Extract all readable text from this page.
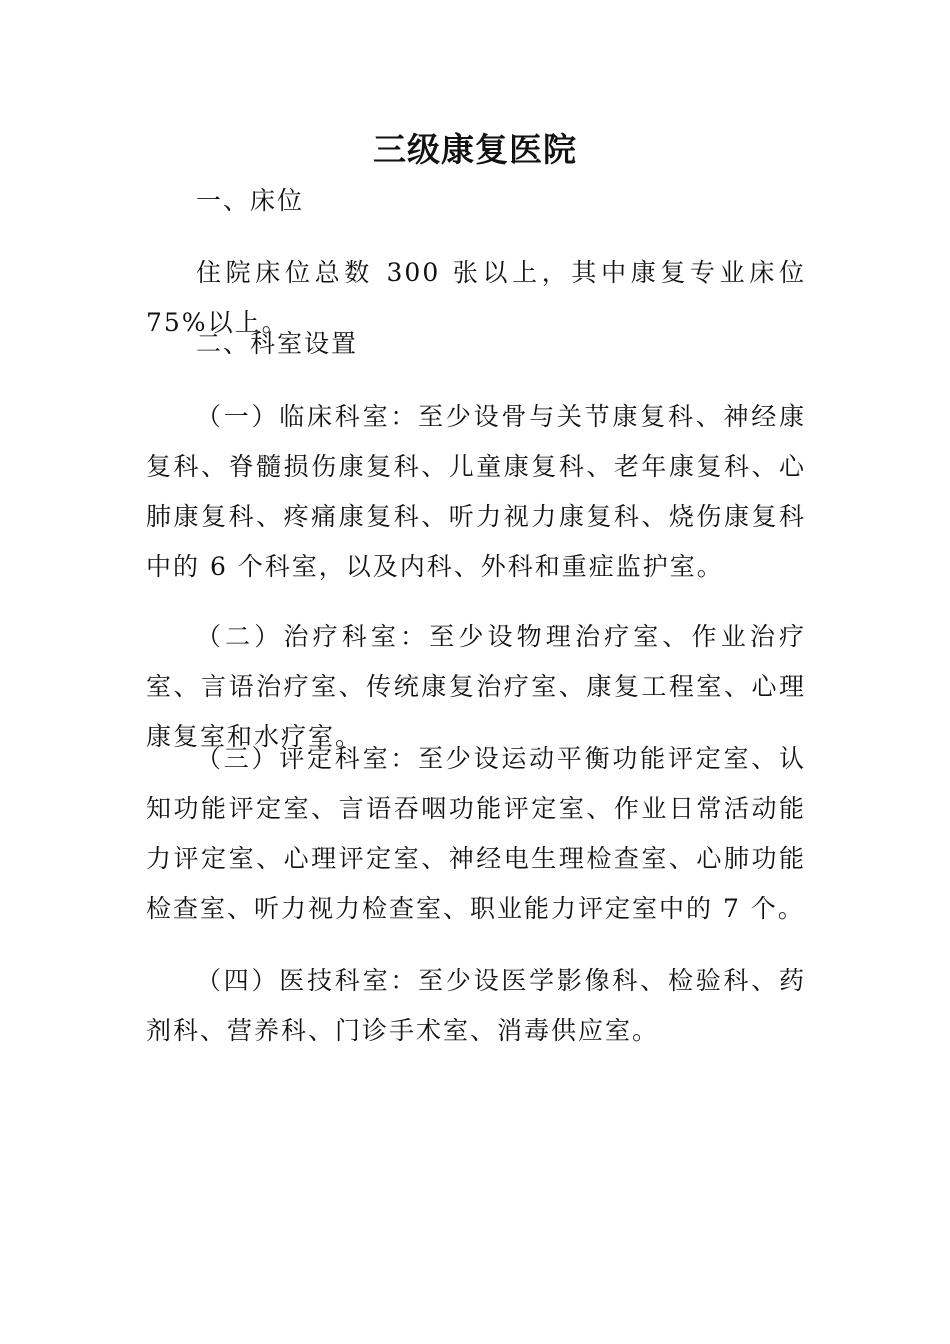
三级康复医院
一、床位
住院床位总数 300 张以上，其中康复专业床位 75%以上。
二、科室设置
（一）临床科室：至少设骨与关节康复科、神经康复科、脊髓损伤康复科、儿童康复科、老年康复科、心肺康复科、疼痛康复科、听力视力康复科、烧伤康复科中的 6 个科室，以及内科、外科和重症监护室。
（二）治疗科室：至少设物理治疗室、作业治疗室、言语治疗室、传统康复治疗室、康复工程室、心理康复室和水疗室。
（三）评定科室：至少设运动平衡功能评定室、认知功能评定室、言语吞咽功能评定室、作业日常活动能力评定室、心理评定室、神经电生理检查室、心肺功能检查室、听力视力检查室、职业能力评定室中的 7 个。
（四）医技科室：至少设医学影像科、检验科、药剂科、营养科、门诊手术室、消毒供应室。
